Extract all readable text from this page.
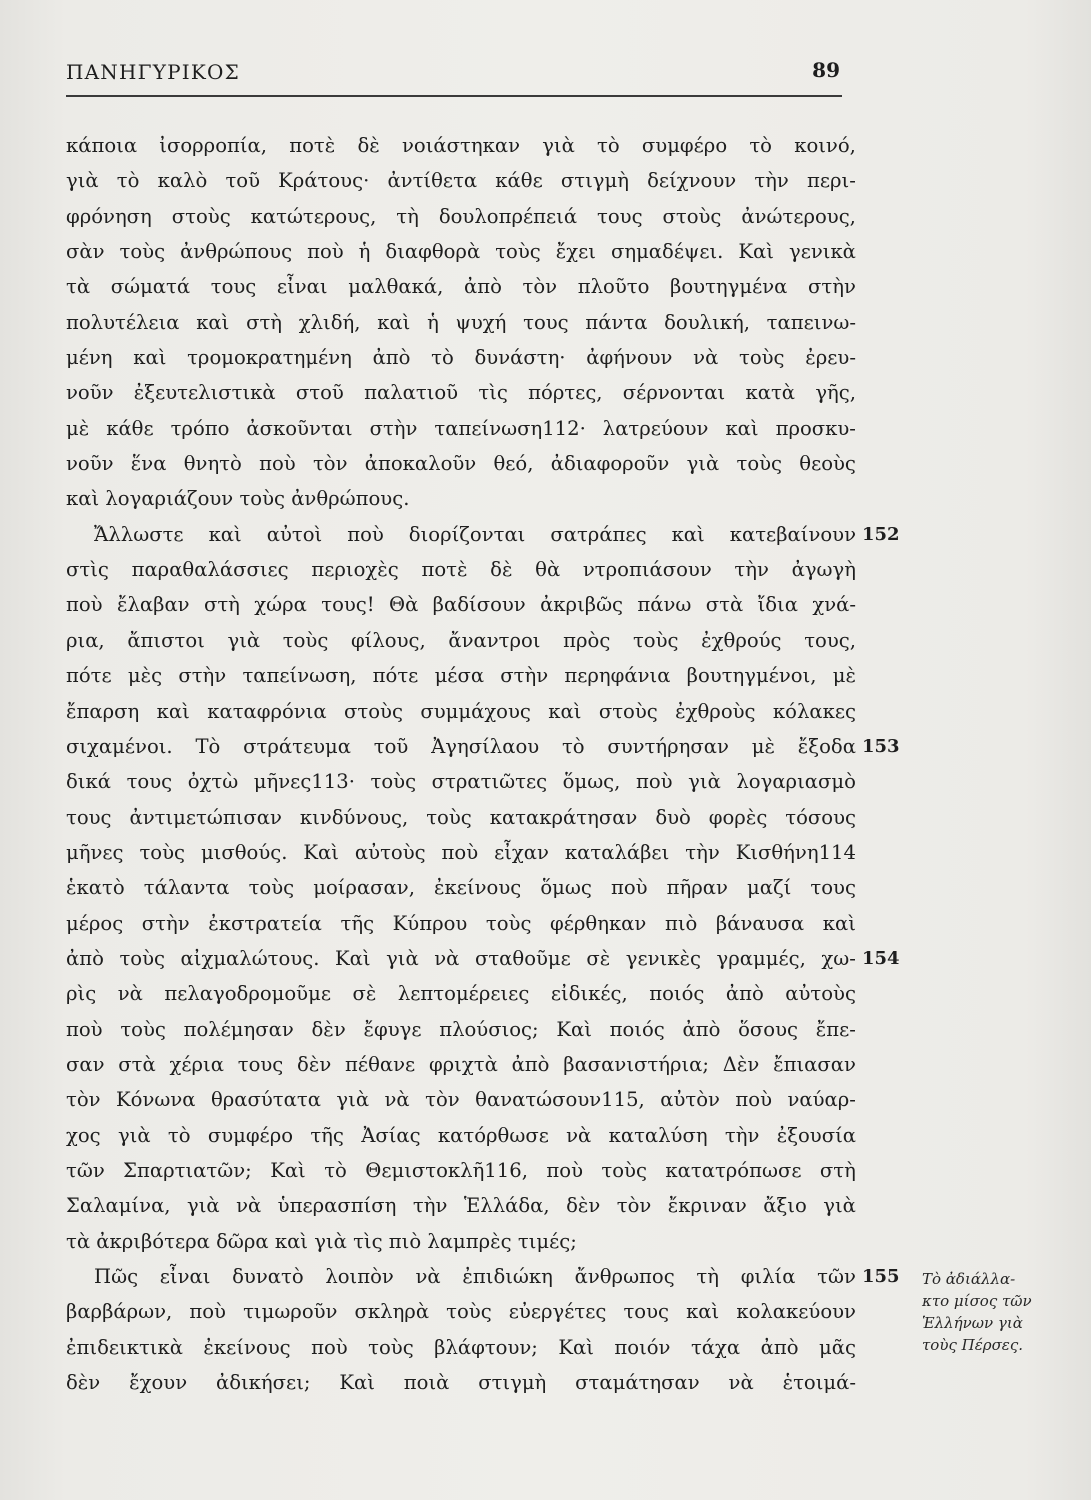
ΠΑΝΗΓΥΡΙΚΟΣ	89
κάποια ἰσορροπία, ποτὲ δὲ νοιάστηκαν γιὰ τὸ συμφέρο τὸ κοινό,
γιὰ τὸ καλὸ τοῦ Κράτους· ἀντίθετα κάθε στιγμὴ δείχνουν τὴν περι-
φρόνηση στοὺς κατώτερους, τὴ δουλοπρέπειά τους στοὺς ἀνώτερους,
σὰν τοὺς ἀνθρώπους ποὺ ἡ διαφθορὰ τοὺς ἔχει σημαδέψει. Καὶ γενικὰ
τὰ σώματά τους εἶναι μαλθακά, ἀπὸ τὸν πλοῦτο βουτηγμένα στὴν
πολυτέλεια καὶ στὴ χλιδή, καὶ ἡ ψυχή τους πάντα δουλική, ταπεινω-
μένη καὶ τρομοκρατημένη ἀπὸ τὸ δυνάστη· ἀφήνουν νὰ τοὺς ἐρευ-
νοῦν ἐξευτελιστικὰ στοῦ παλατιοῦ τὶς πόρτες, σέρνονται κατὰ γῆς,
μὲ κάθε τρόπο ἀσκοῦνται στὴν ταπείνωση112· λατρεύουν καὶ προσκυ-
νοῦν ἕνα θνητὸ ποὺ τὸν ἀποκαλοῦν θεό, ἀδιαφοροῦν γιὰ τοὺς θεοὺς
καὶ λογαριάζουν τοὺς ἀνθρώπους.
Ἄλλωστε καὶ αὐτοὶ ποὺ διορίζονται σατράπες καὶ κατεβαίνουν
στὶς παραθαλάσσιες περιοχὲς ποτὲ δὲ θὰ ντροπιάσουν τὴν ἀγωγὴ
ποὺ ἔλαβαν στὴ χώρα τους! Θὰ βαδίσουν ἀκριβῶς πάνω στὰ ἴδια χνά-
ρια, ἄπιστοι γιὰ τοὺς φίλους, ἄναντροι πρὸς τοὺς ἐχθρούς τους,
πότε μὲς στὴν ταπείνωση, πότε μέσα στὴν περηφάνια βουτηγμένοι, μὲ
ἔπαρση καὶ καταφρόνια στοὺς συμμάχους καὶ στοὺς ἐχθροὺς κόλακες
σιχαμένοι. Τὸ στράτευμα τοῦ Ἀγησίλαου τὸ συντήρησαν μὲ ἔξοδα
δικά τους ὀχτὼ μῆνες113· τοὺς στρατιῶτες ὅμως, ποὺ γιὰ λογαριασμὸ
τους ἀντιμετώπισαν κινδύνους, τοὺς κατακράτησαν δυὸ φορὲς τόσους
μῆνες τοὺς μισθούς. Καὶ αὐτοὺς ποὺ εἶχαν καταλάβει τὴν Κισθήνη114
ἑκατὸ τάλαντα τοὺς μοίρασαν, ἐκείνους ὅμως ποὺ πῆραν μαζί τους
μέρος στὴν ἐκστρατεία τῆς Κύπρου τοὺς φέρθηκαν πιὸ βάναυσα καὶ
ἀπὸ τοὺς αἰχμαλώτους. Καὶ γιὰ νὰ σταθοῦμε σὲ γενικὲς γραμμές, χω-
ρὶς νὰ πελαγοδρομοῦμε σὲ λεπτομέρειες εἰδικές, ποιός ἀπὸ αὐτοὺς
ποὺ τοὺς πολέμησαν δὲν ἔφυγε πλούσιος; Καὶ ποιός ἀπὸ ὅσους ἔπε-
σαν στὰ χέρια τους δὲν πέθανε φριχτὰ ἀπὸ βασανιστήρια; Δὲν ἔπιασαν
τὸν Κόνωνα θρασύτατα γιὰ νὰ τὸν θανατώσουν115, αὐτὸν ποὺ ναύαρ-
χος γιὰ τὸ συμφέρο τῆς Ἀσίας κατόρθωσε νὰ καταλύση τὴν ἐξουσία
τῶν Σπαρτιατῶν; Καὶ τὸ Θεμιστοκλῆ116, ποὺ τοὺς κατατρόπωσε στὴ
Σαλαμίνα, γιὰ νὰ ὑπερασπίση τὴν Ἑλλάδα, δὲν τὸν ἔκριναν ἄξιο γιὰ
τὰ ἀκριβότερα δῶρα καὶ γιὰ τὶς πιὸ λαμπρὲς τιμές;
Πῶς εἶναι δυνατὸ λοιπὸν νὰ ἐπιδιώκη ἄνθρωπος τὴ φιλία τῶν
βαρβάρων, ποὺ τιμωροῦν σκληρὰ τοὺς εὐεργέτες τους καὶ κολακεύουν
ἐπιδεικτικὰ ἐκείνους ποὺ τοὺς βλάφτουν; Καὶ ποιόν τάχα ἀπὸ μᾶς
δὲν ἔχουν ἀδικήσει; Καὶ ποιὰ στιγμὴ σταμάτησαν νὰ ἑτοιμά-
152
153
154
155 Τὸ ἀδιάλλα-
κτο μίσος τῶν
Ἑλλήνων γιὰ
τοὺς Πέρσες.
